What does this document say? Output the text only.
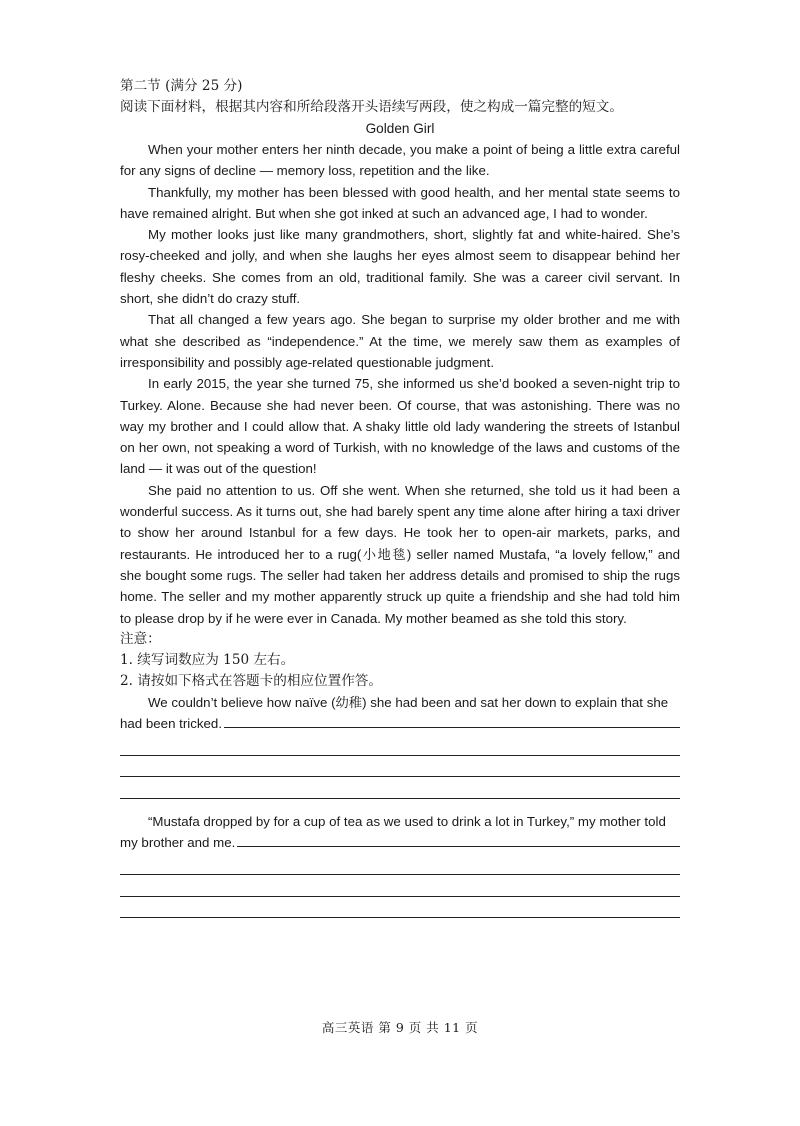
第二节 (满分 25 分)

阅读下面材料，根据其内容和所给段落开头语续写两段，使之构成一篇完整的短文。

Golden Girl

When your mother enters her ninth decade, you make a point of being a little extra careful for any signs of decline — memory loss, repetition and the like.

Thankfully, my mother has been blessed with good health, and her mental state seems to have remained alright. But when she got inked at such an advanced age, I had to wonder.

My mother looks just like many grandmothers, short, slightly fat and white-haired. She’s rosy-cheeked and jolly, and when she laughs her eyes almost seem to disappear behind her fleshy cheeks. She comes from an old, traditional family. She was a career civil servant. In short, she didn’t do crazy stuff.

That all changed a few years ago. She began to surprise my older brother and me with what she described as “independence.” At the time, we merely saw them as examples of irresponsibility and possibly age-related questionable judgment.

In early 2015, the year she turned 75, she informed us she’d booked a seven-night trip to Turkey. Alone. Because she had never been. Of course, that was astonishing. There was no way my brother and I could allow that. A shaky little old lady wandering the streets of Istanbul on her own, not speaking a word of Turkish, with no knowledge of the laws and customs of the land — it was out of the question!

She paid no attention to us. Off she went. When she returned, she told us it had been a wonderful success. As it turns out, she had barely spent any time alone after hiring a taxi driver to show her around Istanbul for a few days. He took her to open-air markets, parks, and restaurants. He introduced her to a rug(小地毯) seller named Mustafa, “a lovely fellow,” and she bought some rugs. The seller had taken her address details and promised to ship the rugs home. The seller and my mother apparently struck up quite a friendship and she had told him to please drop by if he were ever in Canada. My mother beamed as she told this story.

注意：

1. 续写词数应为 150 左右。

2. 请按如下格式在答题卡的相应位置作答。

We couldn’t believe how naïve (幼稚) she had been and sat her down to explain that she

had been tricked.

“Mustafa dropped by for a cup of tea as we used to drink a lot in Turkey,” my mother told

my brother and me.

高三英语 第 9 页 共 11 页
